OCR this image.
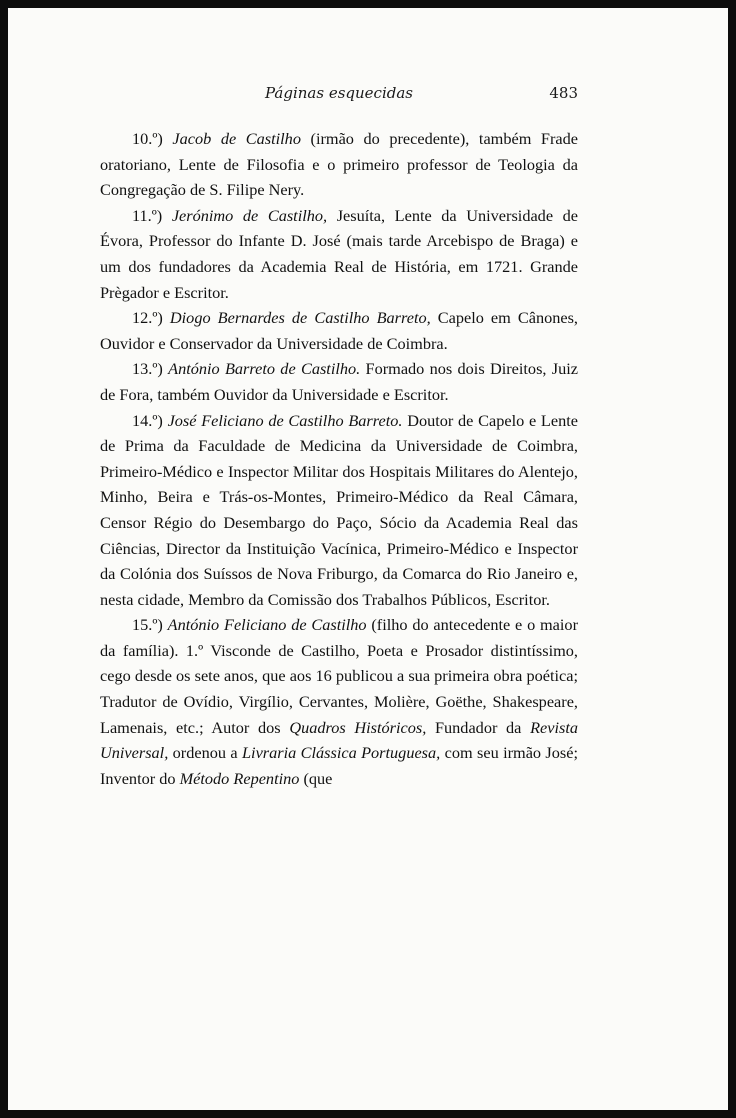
Páginas esquecidas	483

10.º) Jacob de Castilho (irmão do precedente), também Frade oratoriano, Lente de Filosofia e o primeiro professor de Teologia da Congregação de S. Filipe Nery.

11.º) Jerónimo de Castilho, Jesuíta, Lente da Universidade de Évora, Professor do Infante D. José (mais tarde Arcebispo de Braga) e um dos fundadores da Academia Real de História, em 1721. Grande Prègador e Escritor.

12.º) Diogo Bernardes de Castilho Barreto, Capelo em Cânones, Ouvidor e Conservador da Universidade de Coimbra.

13.º) António Barreto de Castilho. Formado nos dois Direitos, Juiz de Fora, também Ouvidor da Universidade e Escritor.

14.º) José Feliciano de Castilho Barreto. Doutor de Capelo e Lente de Prima da Faculdade de Medicina da Universidade de Coimbra, Primeiro-Médico e Inspector Militar dos Hospitais Militares do Alentejo, Minho, Beira e Trás-os-Montes, Primeiro-Médico da Real Câmara, Censor Régio do Desembargo do Paço, Sócio da Academia Real das Ciências, Director da Instituição Vacínica, Primeiro-Médico e Inspector da Colónia dos Suíssos de Nova Friburgo, da Comarca do Rio Janeiro e, nesta cidade, Membro da Comissão dos Trabalhos Públicos, Escritor.

15.º) António Feliciano de Castilho (filho do antecedente e o maior da família). 1.º Visconde de Castilho, Poeta e Prosador distintíssimo, cego desde os sete anos, que aos 16 publicou a sua primeira obra poética; Tradutor de Ovídio, Virgílio, Cervantes, Molière, Goëthe, Shakespeare, Lamenais, etc.; Autor dos Quadros Históricos, Fundador da Revista Universal, ordenou a Livraria Clássica Portuguesa, com seu irmão José; Inventor do Método Repentino (que
